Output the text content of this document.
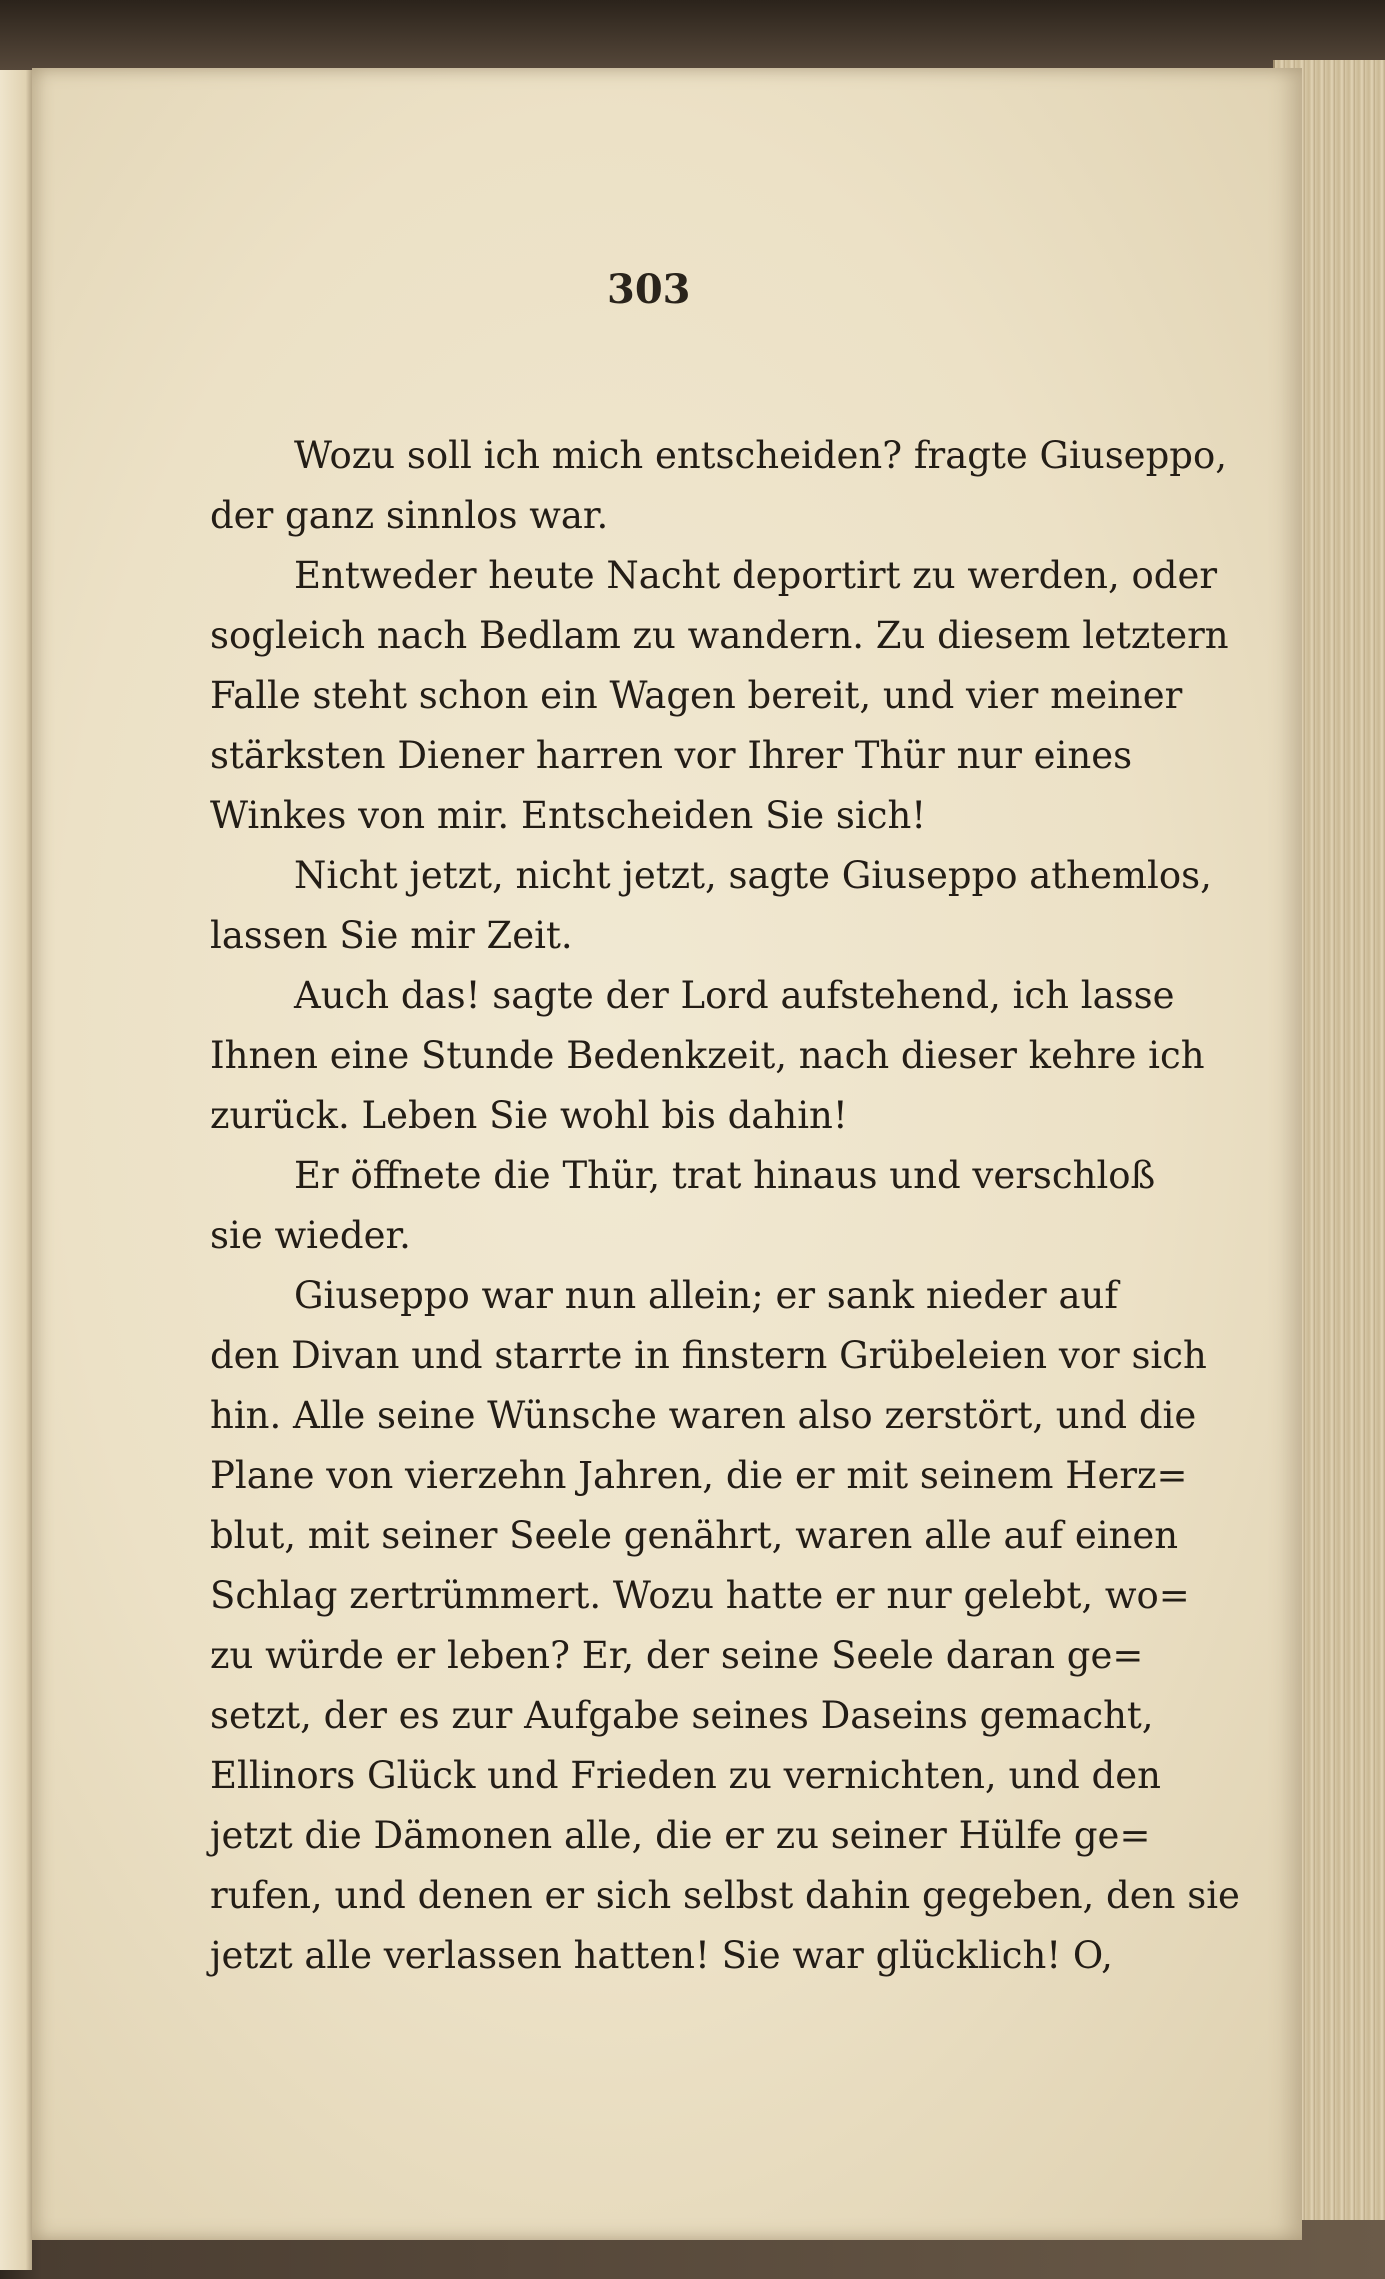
303
Wozu soll ich mich entscheiden? fragte Giuseppo,
der ganz sinnlos war.
Entweder heute Nacht deportirt zu werden, oder
sogleich nach Bedlam zu wandern. Zu diesem letztern
Falle steht schon ein Wagen bereit, und vier meiner
stärksten Diener harren vor Ihrer Thür nur eines
Winkes von mir. Entscheiden Sie sich!
Nicht jetzt, nicht jetzt, sagte Giuseppo athemlos,
lassen Sie mir Zeit.
Auch das! sagte der Lord aufstehend, ich lasse
Ihnen eine Stunde Bedenkzeit, nach dieser kehre ich
zurück. Leben Sie wohl bis dahin!
Er öffnete die Thür, trat hinaus und verschloß
sie wieder.
Giuseppo war nun allein; er sank nieder auf
den Divan und starrte in finstern Grübeleien vor sich
hin. Alle seine Wünsche waren also zerstört, und die
Plane von vierzehn Jahren, die er mit seinem Herz=
blut, mit seiner Seele genährt, waren alle auf einen
Schlag zertrümmert. Wozu hatte er nur gelebt, wo=
zu würde er leben? Er, der seine Seele daran ge=
setzt, der es zur Aufgabe seines Daseins gemacht,
Ellinors Glück und Frieden zu vernichten, und den
jetzt die Dämonen alle, die er zu seiner Hülfe ge=
rufen, und denen er sich selbst dahin gegeben, den sie
jetzt alle verlassen hatten! Sie war glücklich! O,
